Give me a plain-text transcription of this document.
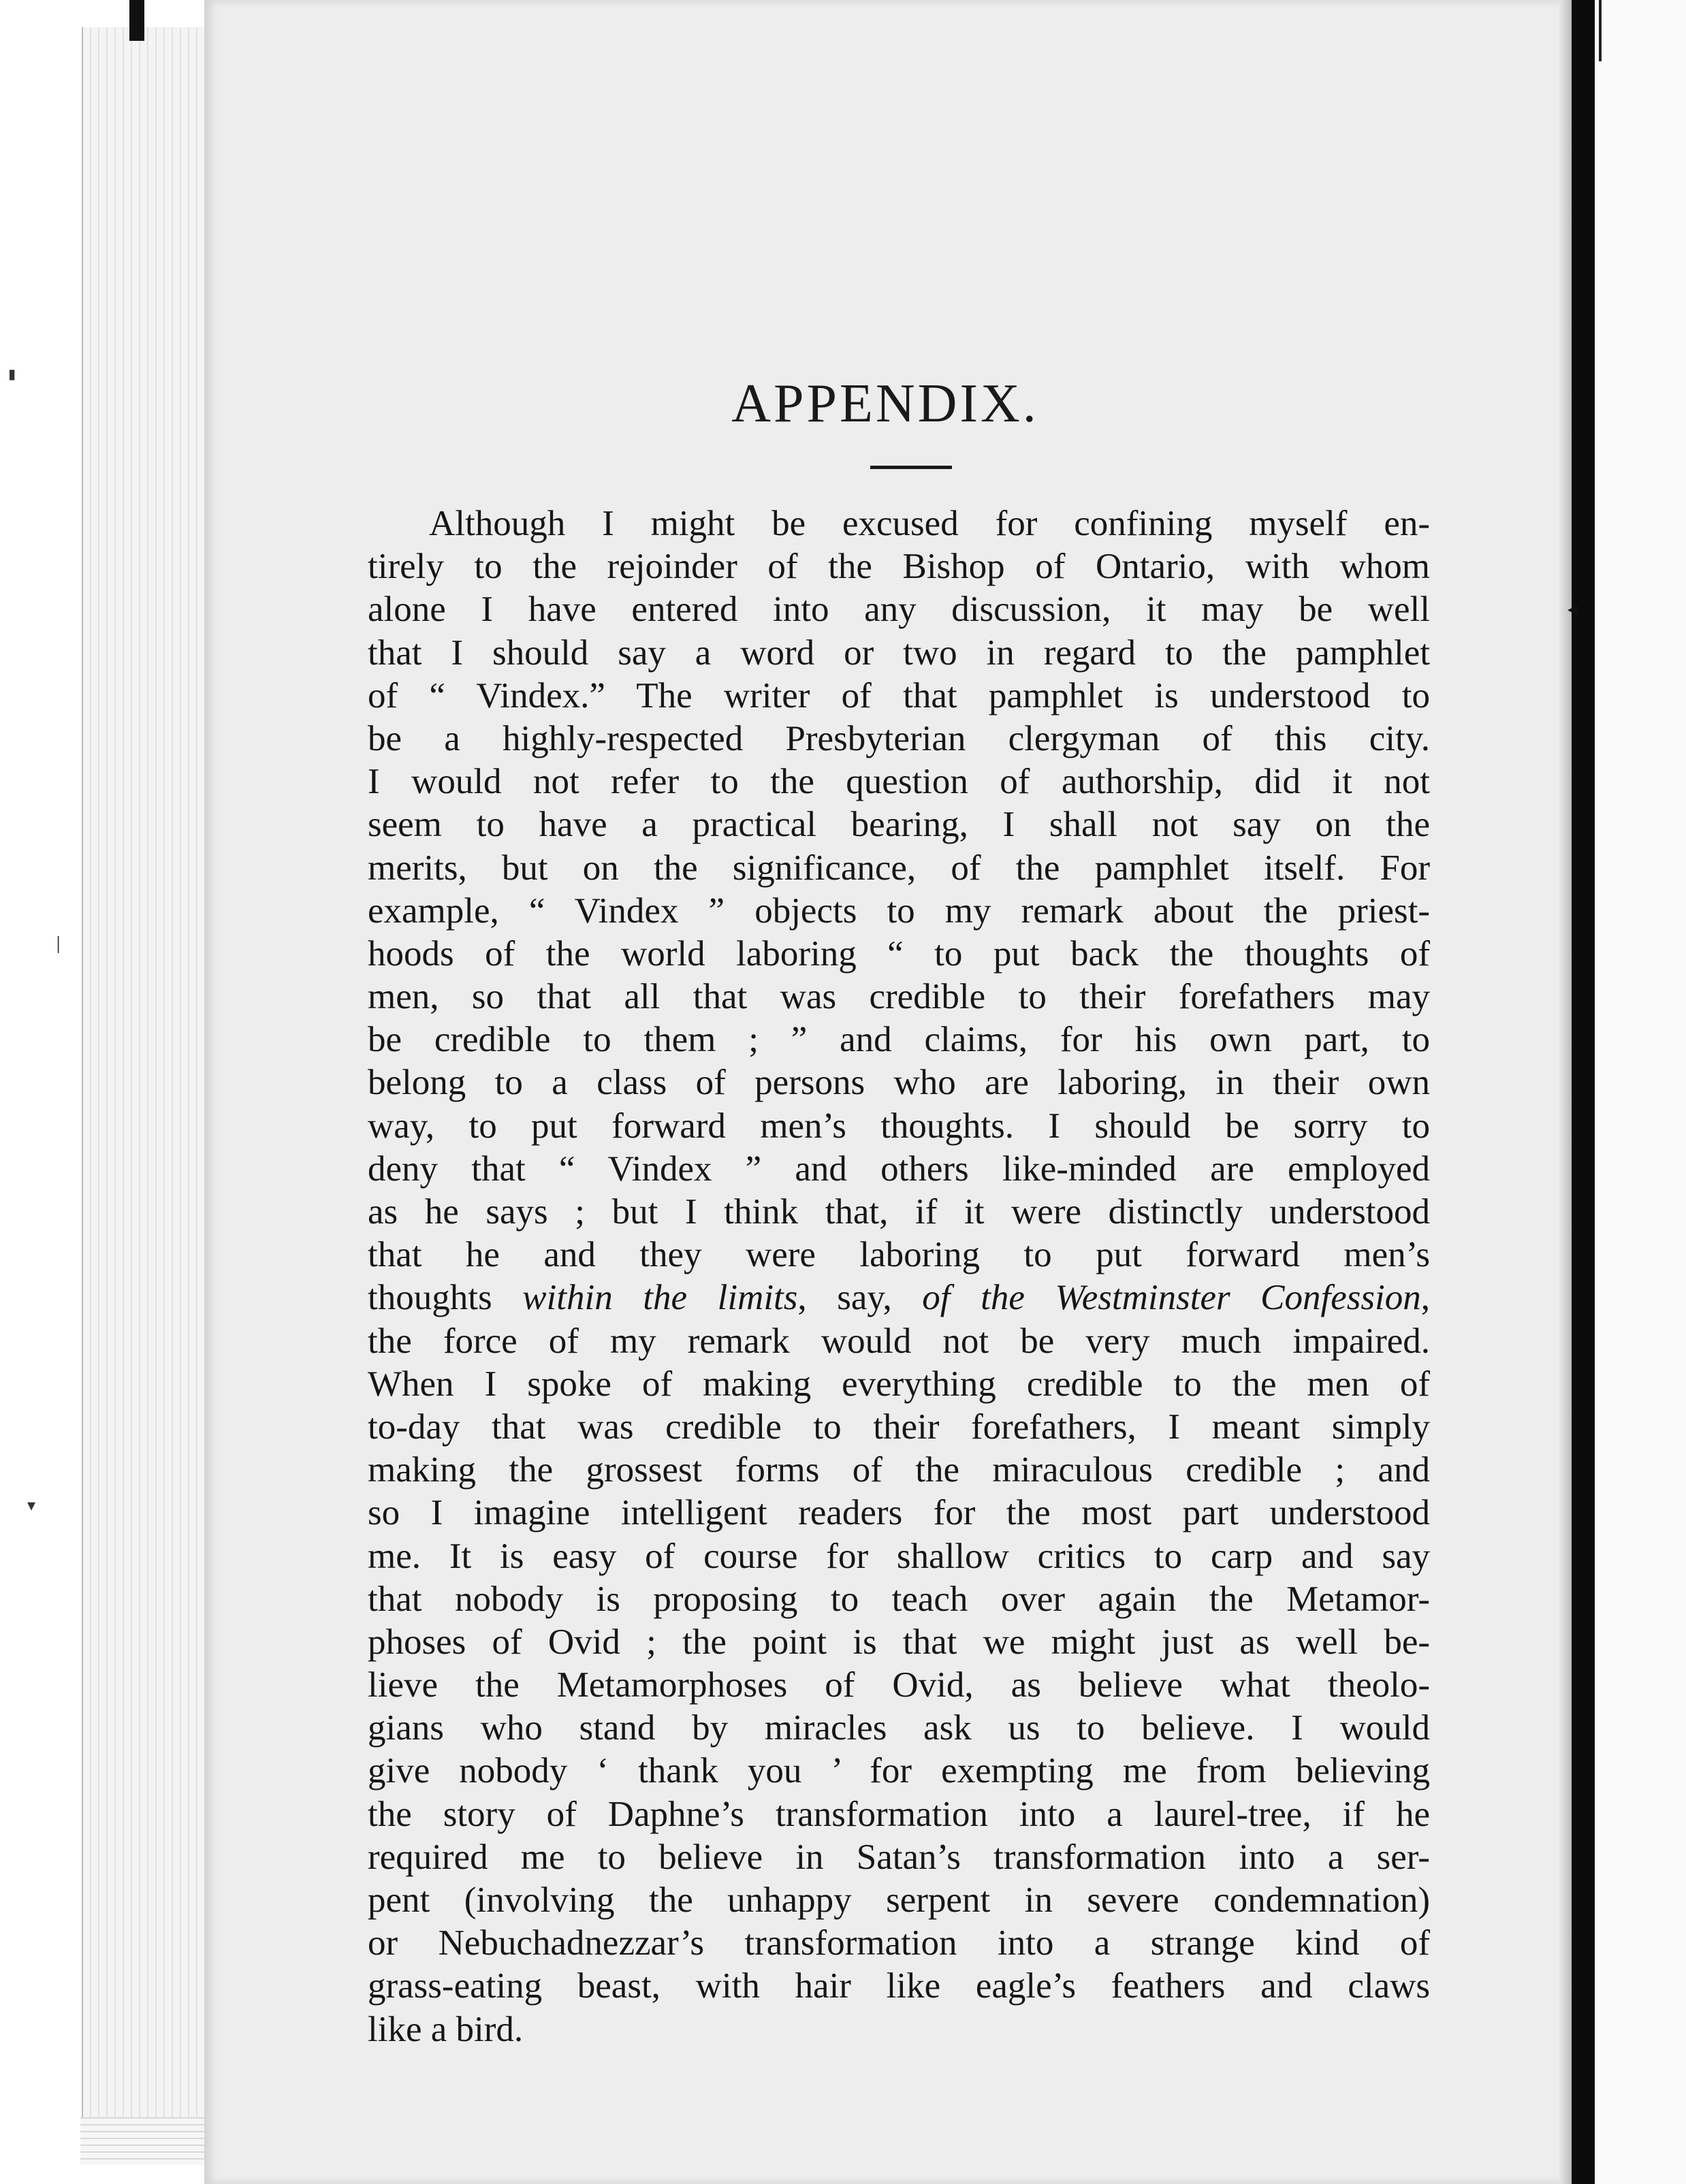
▮
ǀ
▾
◂
APPENDIX.
Although I might be excused for confining myself en-
tirely to the rejoinder of the Bishop of Ontario, with whom
alone I have entered into any discussion, it may be well
that I should say a word or two in regard to the pamphlet
of “ Vindex.” The writer of that pamphlet is understood to
be a highly-respected Presbyterian clergyman of this city.
I would not refer to the question of authorship, did it not
seem to have a practical bearing, I shall not say on the
merits, but on the significance, of the pamphlet itself. For
example, “ Vindex ” objects to my remark about the priest-
hoods of the world laboring “ to put back the thoughts of
men, so that all that was credible to their forefathers may
be credible to them ; ” and claims, for his own part, to
belong to a class of persons who are laboring, in their own
way, to put forward men’s thoughts. I should be sorry to
deny that “ Vindex ” and others like-minded are employed
as he says ; but I think that, if it were distinctly understood
that he and they were laboring to put forward men’s
thoughts within the limits, say, of the Westminster Confession,
the force of my remark would not be very much impaired.
When I spoke of making everything credible to the men of
to-day that was credible to their forefathers, I meant simply
making the grossest forms of the miraculous credible ; and
so I imagine intelligent readers for the most part understood
me. It is easy of course for shallow critics to carp and say
that nobody is proposing to teach over again the Metamor-
phoses of Ovid ; the point is that we might just as well be-
lieve the Metamorphoses of Ovid, as believe what theolo-
gians who stand by miracles ask us to believe. I would
give nobody ‘ thank you ’ for exempting me from believing
the story of Daphne’s transformation into a laurel-tree, if he
required me to believe in Satan’s transformation into a ser-
pent (involving the unhappy serpent in severe condemnation)
or Nebuchadnezzar’s transformation into a strange kind of
grass-eating beast, with hair like eagle’s feathers and claws
like a bird.
